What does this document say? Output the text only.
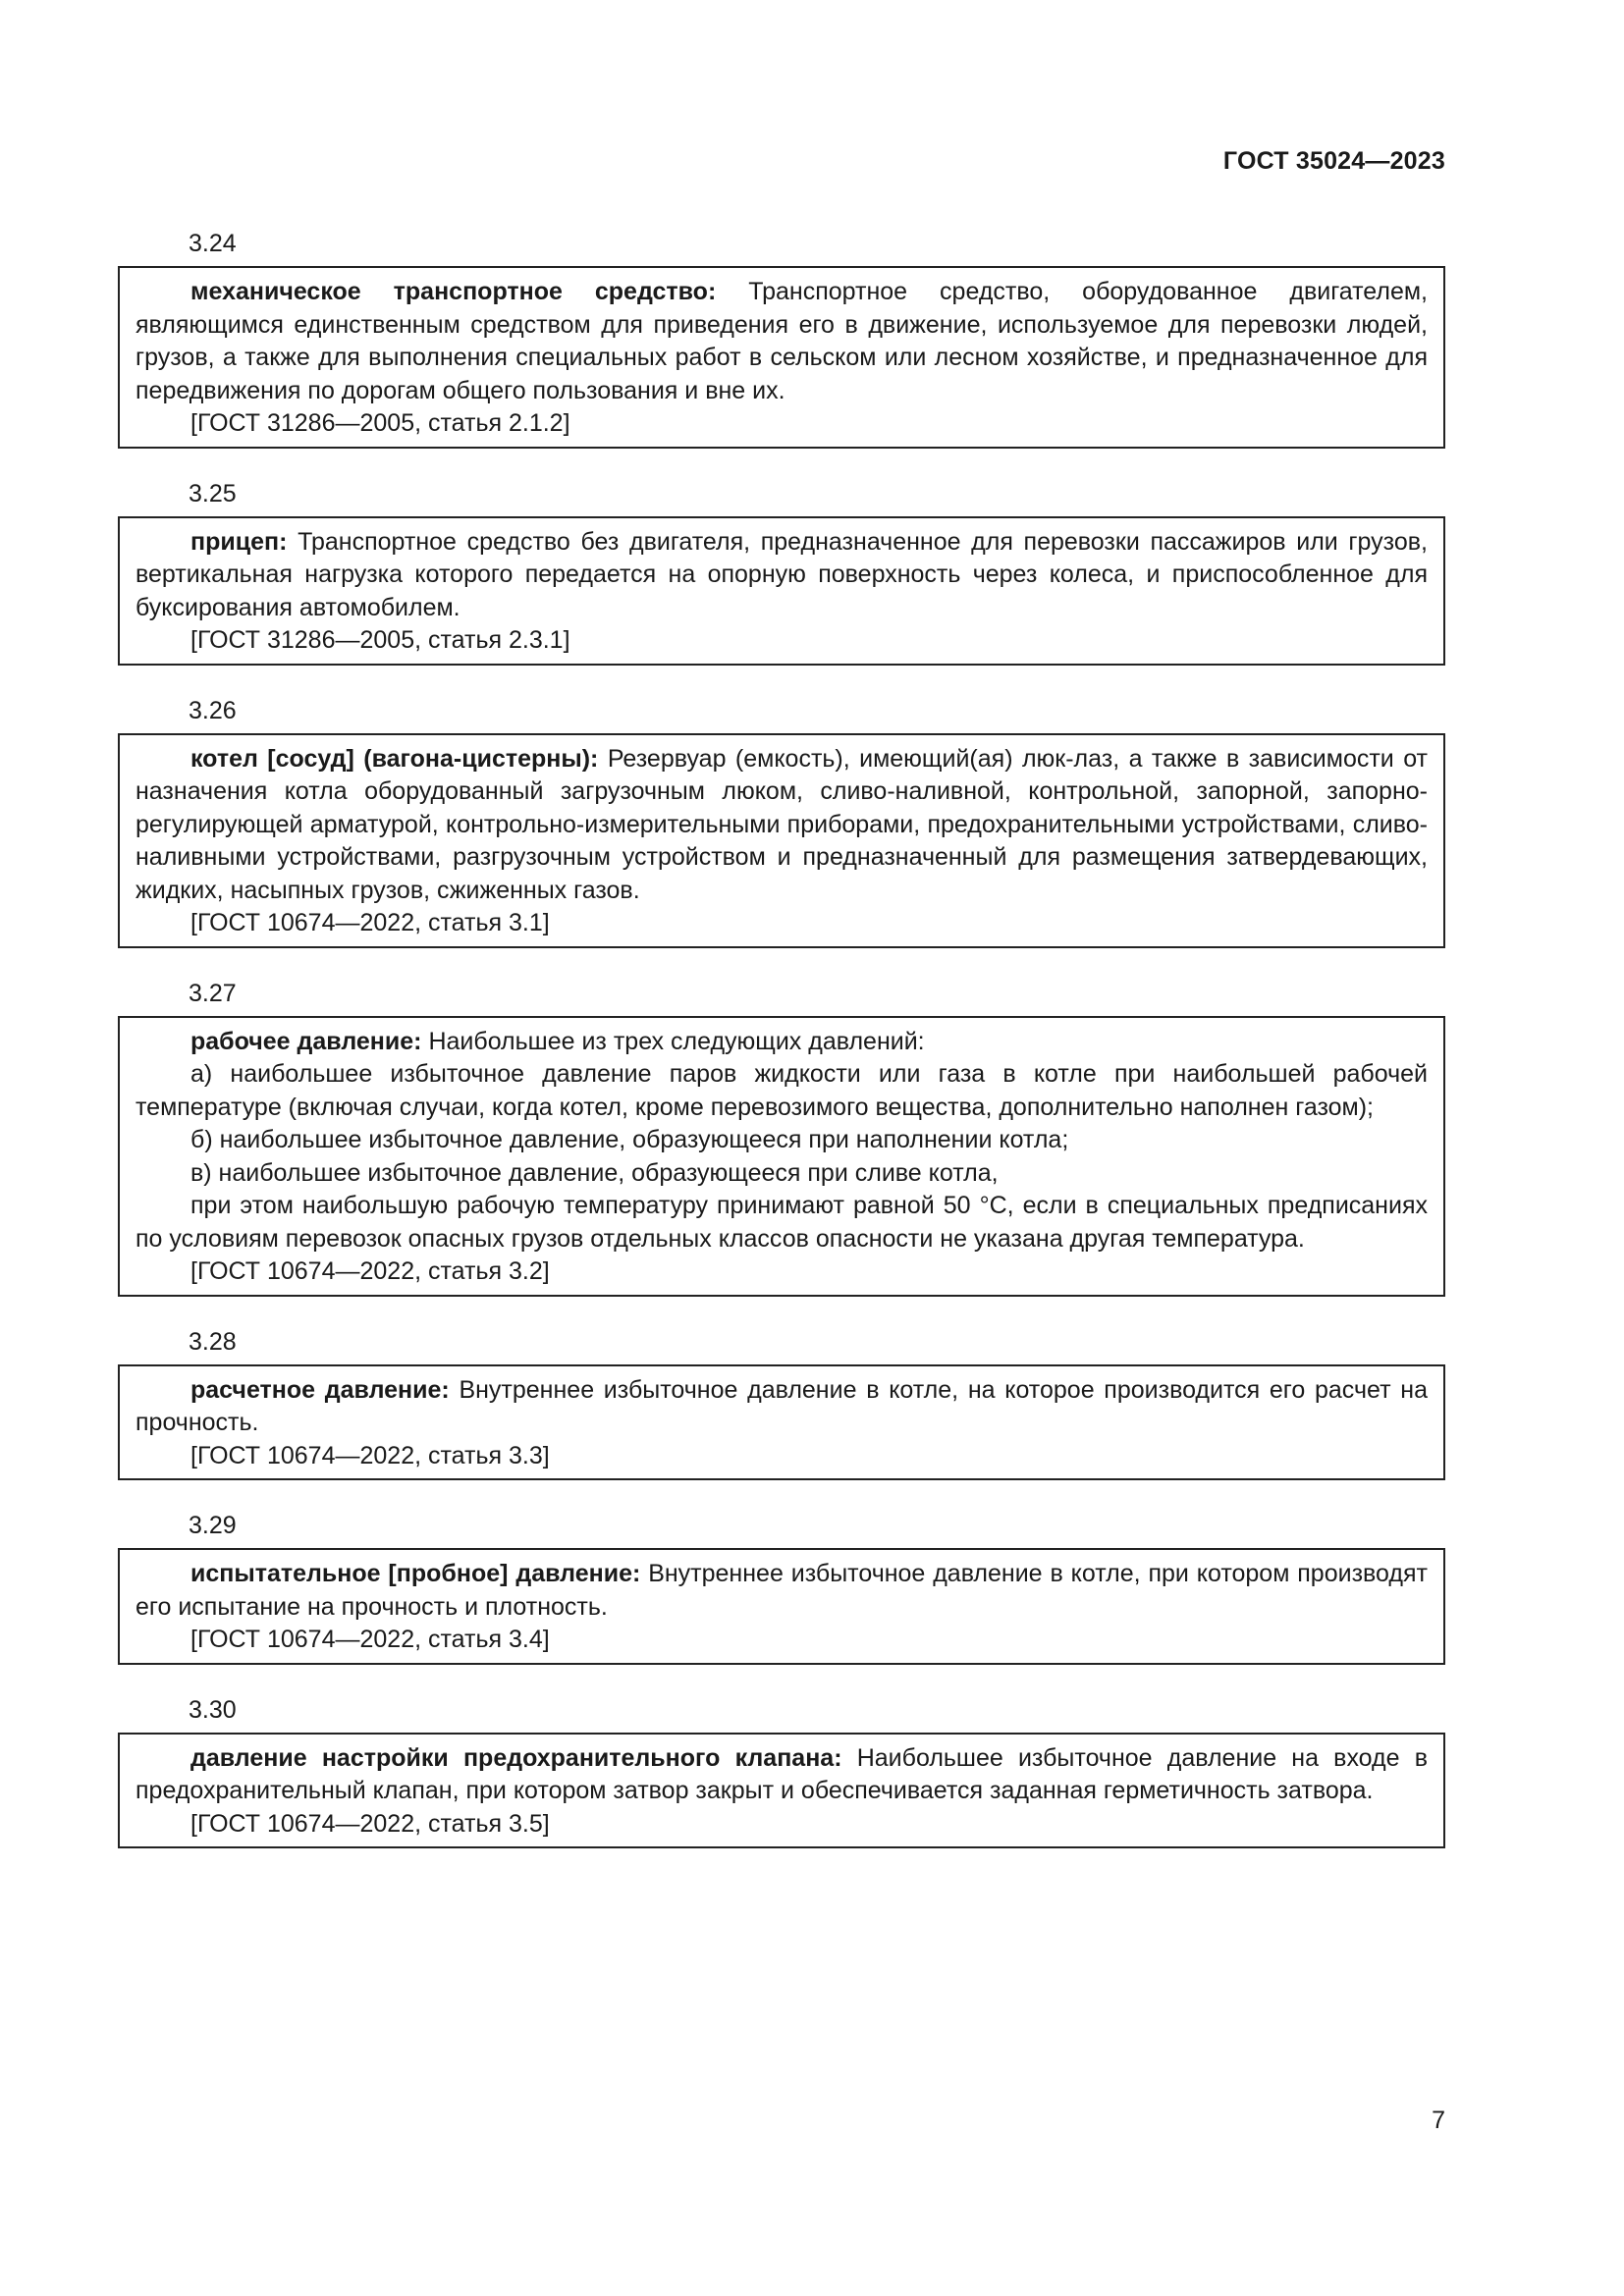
ГОСТ 35024—2023
3.24

механическое транспортное средство: Транспортное средство, оборудованное двигателем, являющимся единственным средством для приведения его в движение, используемое для перевозки людей, грузов, а также для выполнения специальных работ в сельском или лесном хозяйстве, и предназначенное для передвижения по дорогам общего пользования и вне их.

[ГОСТ 31286—2005, статья 2.1.2]

3.25

прицеп: Транспортное средство без двигателя, предназначенное для перевозки пассажиров или грузов, вертикальная нагрузка которого передается на опорную поверхность через колеса, и приспособленное для буксирования автомобилем.

[ГОСТ 31286—2005, статья 2.3.1]

3.26

котел [сосуд] (вагона-цистерны): Резервуар (емкость), имеющий(ая) люк-лаз, а также в зависимости от назначения котла оборудованный загрузочным люком, сливо-наливной, контрольной, запорной, запорно-регулирующей арматурой, контрольно-измерительными приборами, предохранительными устройствами, сливо-наливными устройствами, разгрузочным устройством и предназначенный для размещения затвердевающих, жидких, насыпных грузов, сжиженных газов.

[ГОСТ 10674—2022, статья 3.1]

3.27

рабочее давление: Наибольшее из трех следующих давлений:

а) наибольшее избыточное давление паров жидкости или газа в котле при наибольшей рабочей температуре (включая случаи, когда котел, кроме перевозимого вещества, дополнительно наполнен газом);

б) наибольшее избыточное давление, образующееся при наполнении котла;

в) наибольшее избыточное давление, образующееся при сливе котла,

при этом наибольшую рабочую температуру принимают равной 50 °С, если в специальных предписаниях по условиям перевозок опасных грузов отдельных классов опасности не указана другая температура.

[ГОСТ 10674—2022, статья 3.2]

3.28

расчетное давление: Внутреннее избыточное давление в котле, на которое производится его расчет на прочность.

[ГОСТ 10674—2022, статья 3.3]

3.29

испытательное [пробное] давление: Внутреннее избыточное давление в котле, при котором производят его испытание на прочность и плотность.

[ГОСТ 10674—2022, статья 3.4]

3.30

давление настройки предохранительного клапана: Наибольшее избыточное давление на входе в предохранительный клапан, при котором затвор закрыт и обеспечивается заданная герметичность затвора.

[ГОСТ 10674—2022, статья 3.5]

7
